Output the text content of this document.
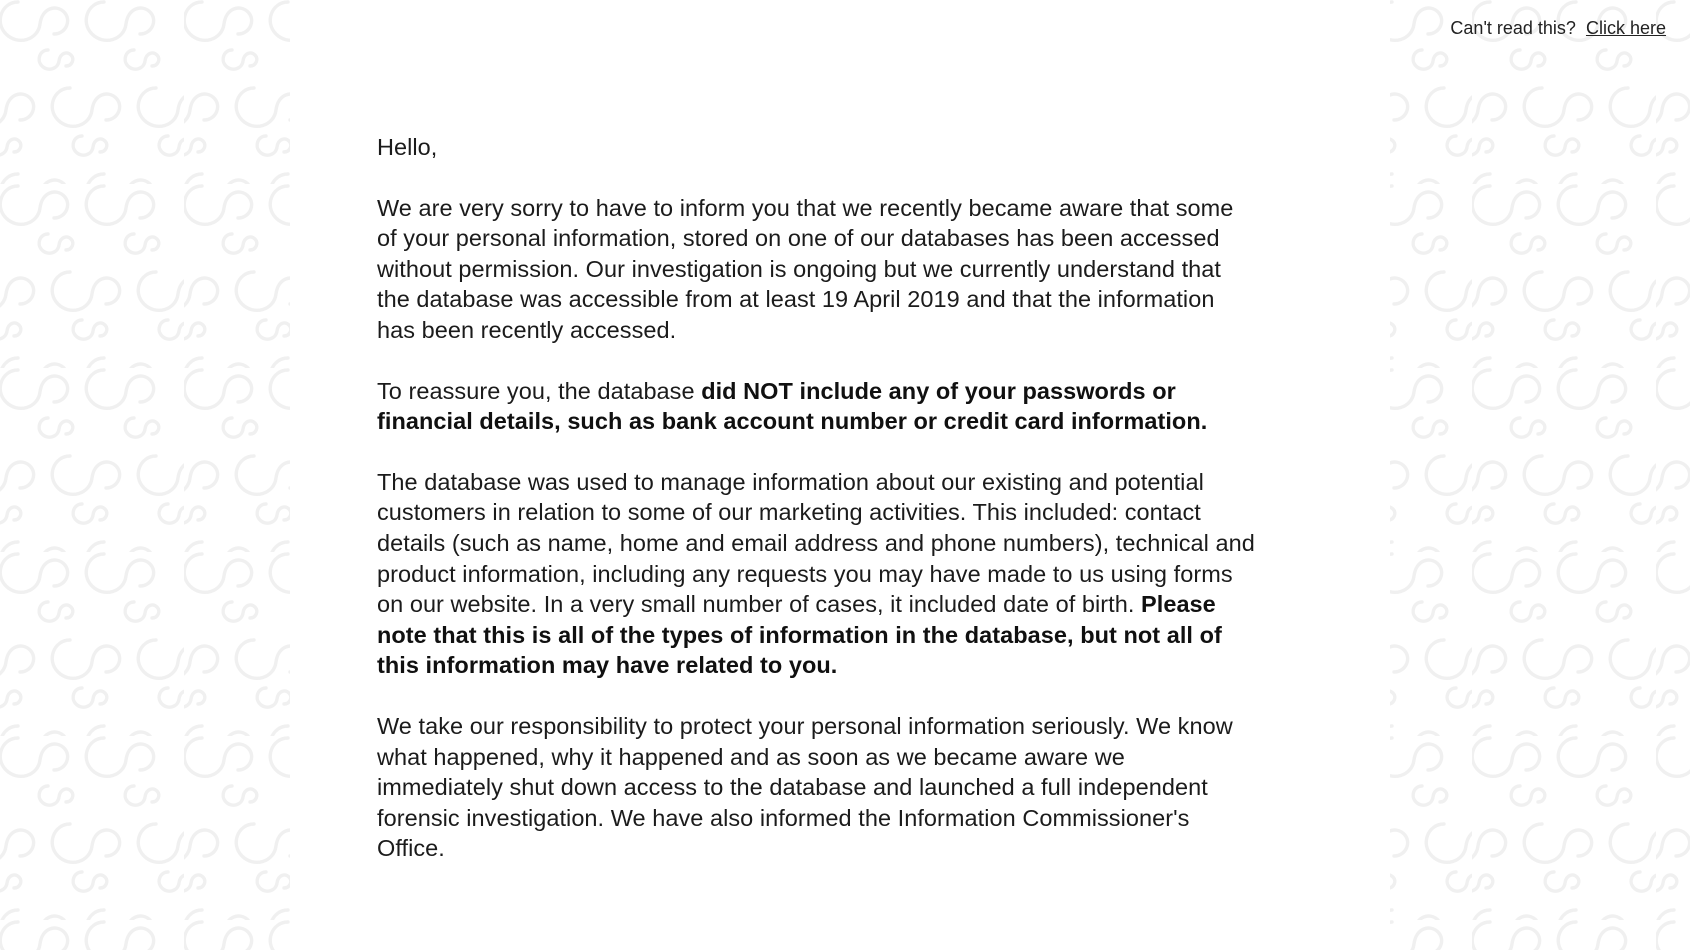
Can't read this? Click here

Hello,

We are very sorry to have to inform you that we recently became aware that some of your personal information, stored on one of our databases has been accessed without permission. Our investigation is ongoing but we currently understand that the database was accessible from at least 19 April 2019 and that the information has been recently accessed.

To reassure you, the database did NOT include any of your passwords or financial details, such as bank account number or credit card information.

The database was used to manage information about our existing and potential customers in relation to some of our marketing activities. This included: contact details (such as name, home and email address and phone numbers), technical and product information, including any requests you may have made to us using forms on our website. In a very small number of cases, it included date of birth. Please note that this is all of the types of information in the database, but not all of this information may have related to you.

We take our responsibility to protect your personal information seriously. We know what happened, why it happened and as soon as we became aware we immediately shut down access to the database and launched a full independent forensic investigation. We have also informed the Information Commissioner's Office.
